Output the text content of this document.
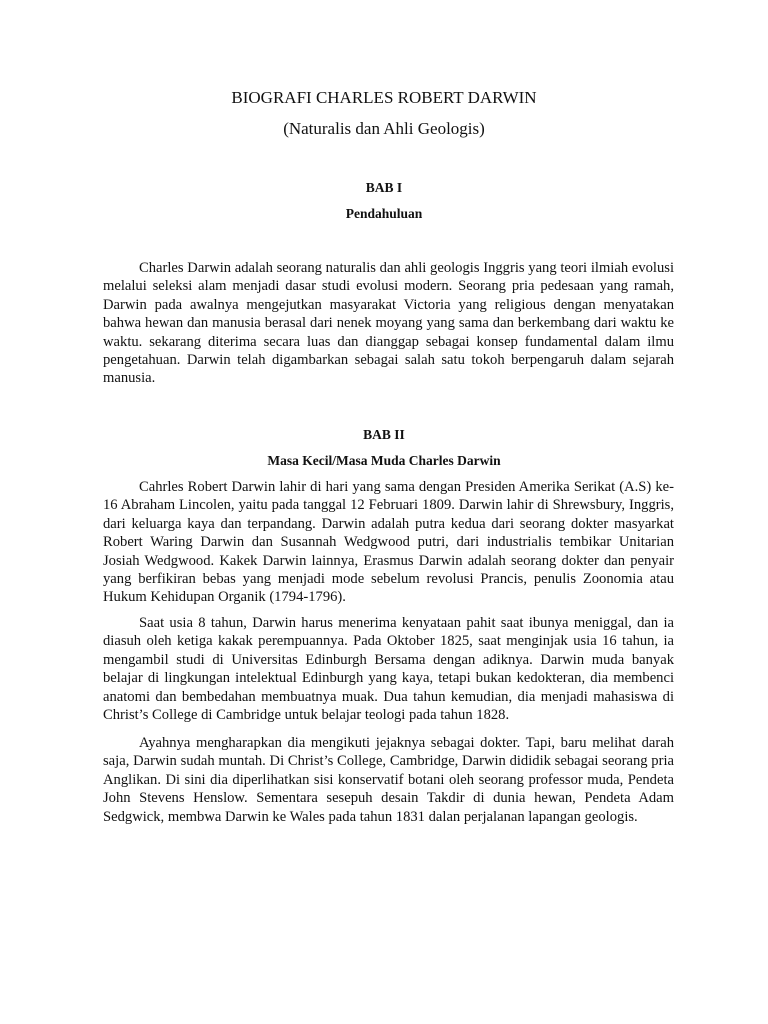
BIOGRAFI CHARLES ROBERT DARWIN
(Naturalis dan Ahli Geologis)
BAB I
Pendahuluan

Charles Darwin adalah seorang naturalis dan ahli geologis Inggris yang teori ilmiah evolusi melalui seleksi alam menjadi dasar studi evolusi modern. Seorang pria pedesaan yang ramah, Darwin pada awalnya mengejutkan masyarakat Victoria yang religious dengan menyatakan bahwa hewan dan manusia berasal dari nenek moyang yang sama dan berkembang dari waktu ke waktu. sekarang diterima secara luas dan dianggap sebagai konsep fundamental dalam ilmu pengetahuan. Darwin telah digambarkan sebagai salah satu tokoh berpengaruh dalam sejarah manusia.

BAB II
Masa Kecil/Masa Muda Charles Darwin

Cahrles Robert Darwin lahir di hari yang sama dengan Presiden Amerika Serikat (A.S) ke-16 Abraham Lincolen, yaitu pada tanggal 12 Februari 1809. Darwin lahir di Shrewsbury, Inggris, dari keluarga kaya dan terpandang. Darwin adalah putra kedua dari seorang dokter masyarkat Robert Waring Darwin dan Susannah Wedgwood putri, dari industrialis tembikar Unitarian Josiah Wedgwood. Kakek Darwin lainnya, Erasmus Darwin adalah seorang dokter dan penyair yang berfikiran bebas yang menjadi mode sebelum revolusi Prancis, penulis Zoonomia atau Hukum Kehidupan Organik (1794-1796).

Saat usia 8 tahun, Darwin harus menerima kenyataan pahit saat ibunya meniggal, dan ia diasuh oleh ketiga kakak perempuannya. Pada Oktober 1825, saat menginjak usia 16 tahun, ia mengambil studi di Universitas Edinburgh Bersama dengan adiknya. Darwin muda banyak belajar di lingkungan intelektual Edinburgh yang kaya, tetapi bukan kedokteran, dia membenci anatomi dan bembedahan membuatnya muak. Dua tahun kemudian, dia menjadi mahasiswa di Christ’s College di Cambridge untuk belajar teologi pada tahun 1828.

Ayahnya mengharapkan dia mengikuti jejaknya sebagai dokter. Tapi, baru melihat darah saja, Darwin sudah muntah. Di Christ’s College, Cambridge, Darwin dididik sebagai seorang pria Anglikan. Di sini dia diperlihatkan sisi konservatif botani oleh seorang professor muda, Pendeta John Stevens Henslow. Sementara sesepuh desain Takdir di dunia hewan, Pendeta Adam Sedgwick, membwa Darwin ke Wales pada tahun 1831 dalan perjalanan lapangan geologis.
